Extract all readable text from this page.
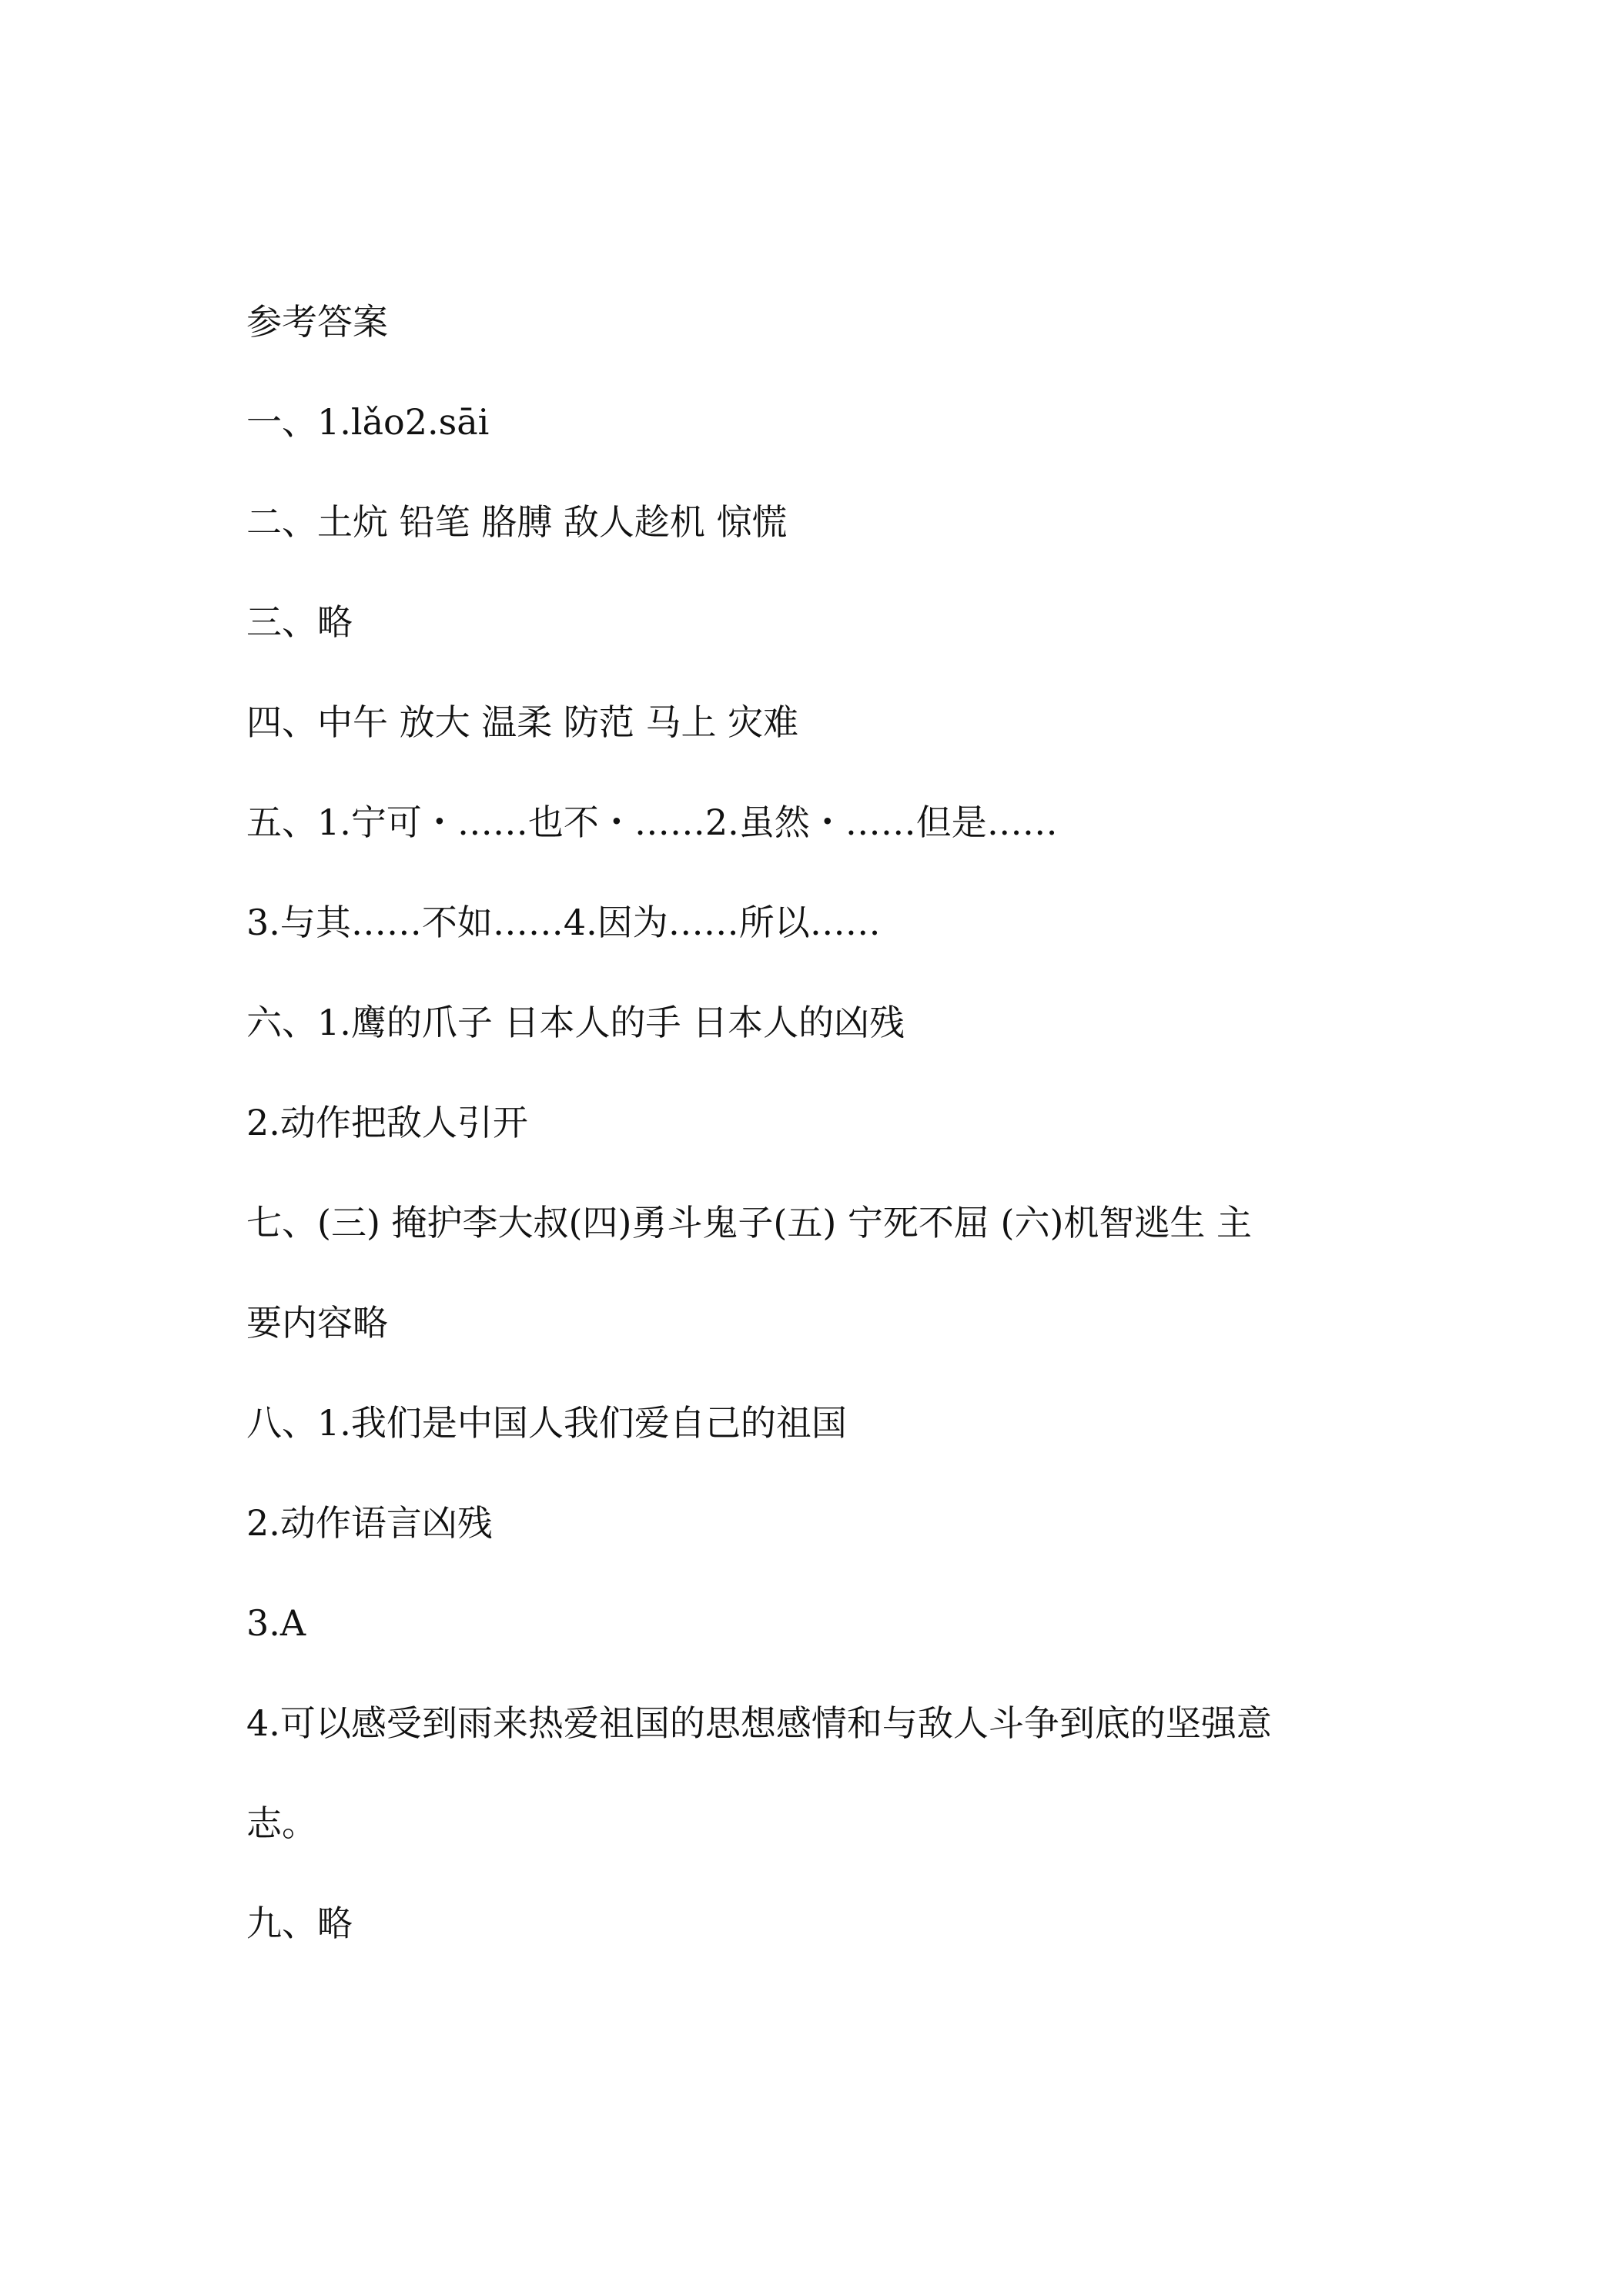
参考答案
一、1.lǎo2.sāi
二、土炕 铅笔 胳膊 敌人趁机 惊慌
三、略
四、中午 放大 温柔 防范 马上 灾难
五、1.宁可・……也不・……2.虽然・……但是……
3.与其……不如……4.因为……所以……
六、1.鹰的爪子 日本人的手 日本人的凶残
2.动作把敌人引开
七、(三) 掩护李大叔(四)勇斗鬼子(五) 宁死不屈 (六)机智逃生 主
要内容略
八、1.我们是中国人我们爱自己的祖国
2.动作语言凶残
3.A
4.可以感受到雨来热爱祖国的思想感情和与敌人斗争到底的坚强意
志。
九、略
